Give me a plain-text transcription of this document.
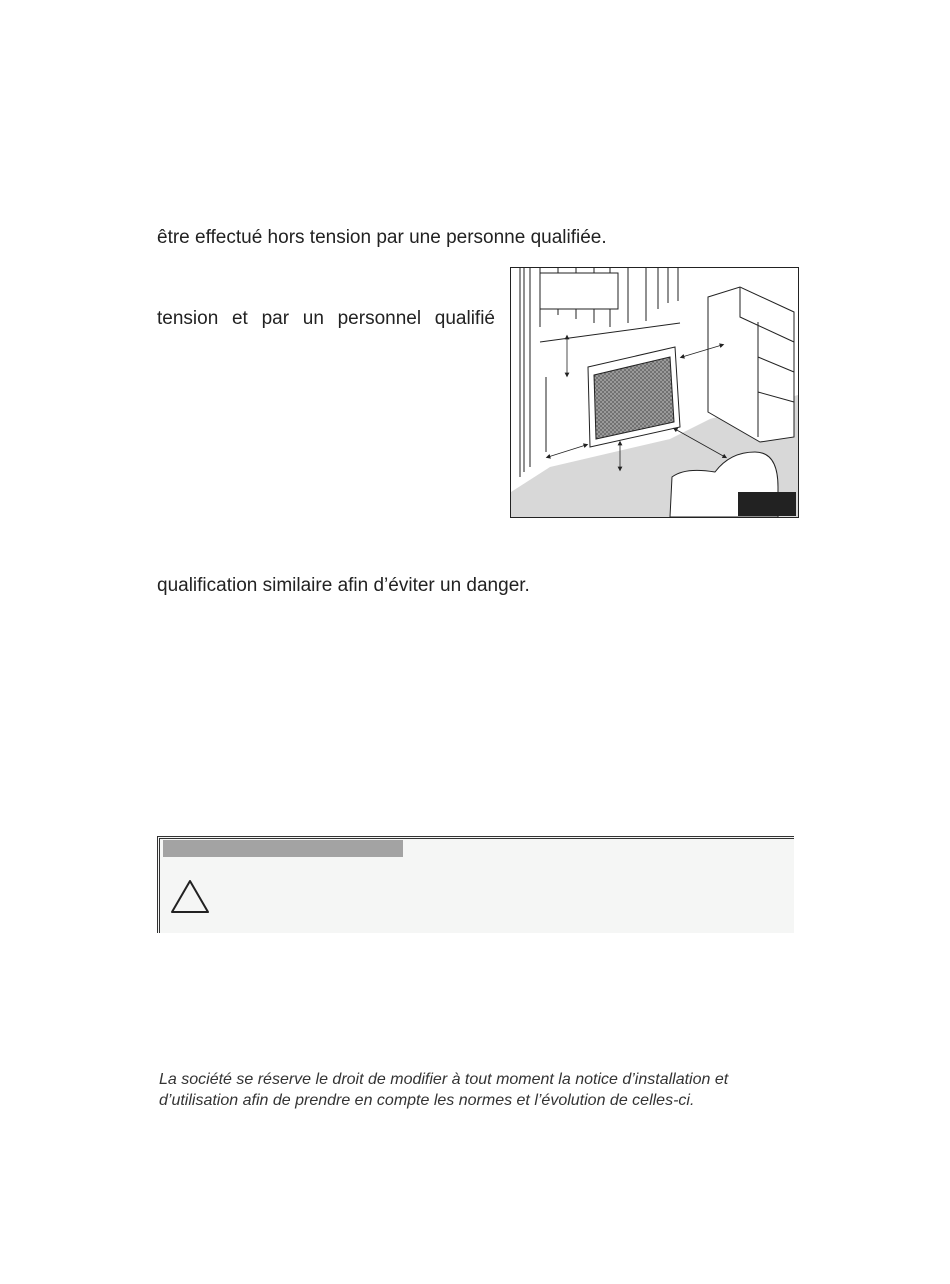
être effectué hors tension par une personne qualifiée.
tension et par un personnel qualifié
qualification similaire afin d’éviter un danger.
La société se réserve le droit de modifier à tout moment la notice d’installation et
d’utilisation afin de prendre en compte les normes et l’évolution de celles-ci.
